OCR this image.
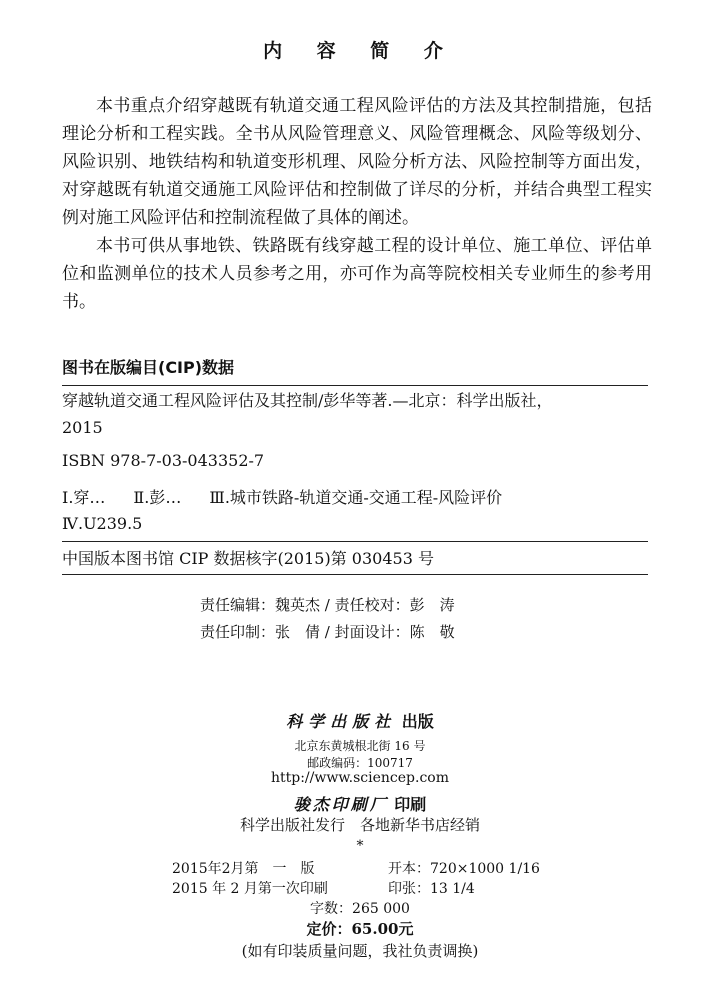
内 容 简 介

本书重点介绍穿越既有轨道交通工程风险评估的方法及其控制措施，包括理论分析和工程实践。全书从风险管理意义、风险管理概念、风险等级划分、风险识别、地铁结构和轨道变形机理、风险分析方法、风险控制等方面出发，对穿越既有轨道交通施工风险评估和控制做了详尽的分析，并结合典型工程实例对施工风险评估和控制流程做了具体的阐述。

本书可供从事地铁、铁路既有线穿越工程的设计单位、施工单位、评估单位和监测单位的技术人员参考之用，亦可作为高等院校相关专业师生的参考用书。

图书在版编目(CIP)数据
穿越轨道交通工程风险评估及其控制/彭华等著.—北京：科学出版社，
2015
ISBN 978-7-03-043352-7
Ⅰ.穿… Ⅱ.彭… Ⅲ.城市铁路-轨道交通-交通工程-风险评价
Ⅳ.U239.5
中国版本图书馆 CIP 数据核字(2015)第 030453 号
责任编辑：魏英杰 / 责任校对：彭　涛
责任印制：张　倩 / 封面设计：陈　敬
科学出版社 出版
北京东黄城根北街 16 号
邮政编码：100717
http://www.sciencep.com
骏杰印刷厂 印刷
科学出版社发行　各地新华书店经销
*
2015年2月第　一　版	开本：720×1000 1/16
2015 年 2 月第一次印刷	印张：13 1/4
字数：265 000
定价：65.00元
(如有印装质量问题，我社负责调换)
